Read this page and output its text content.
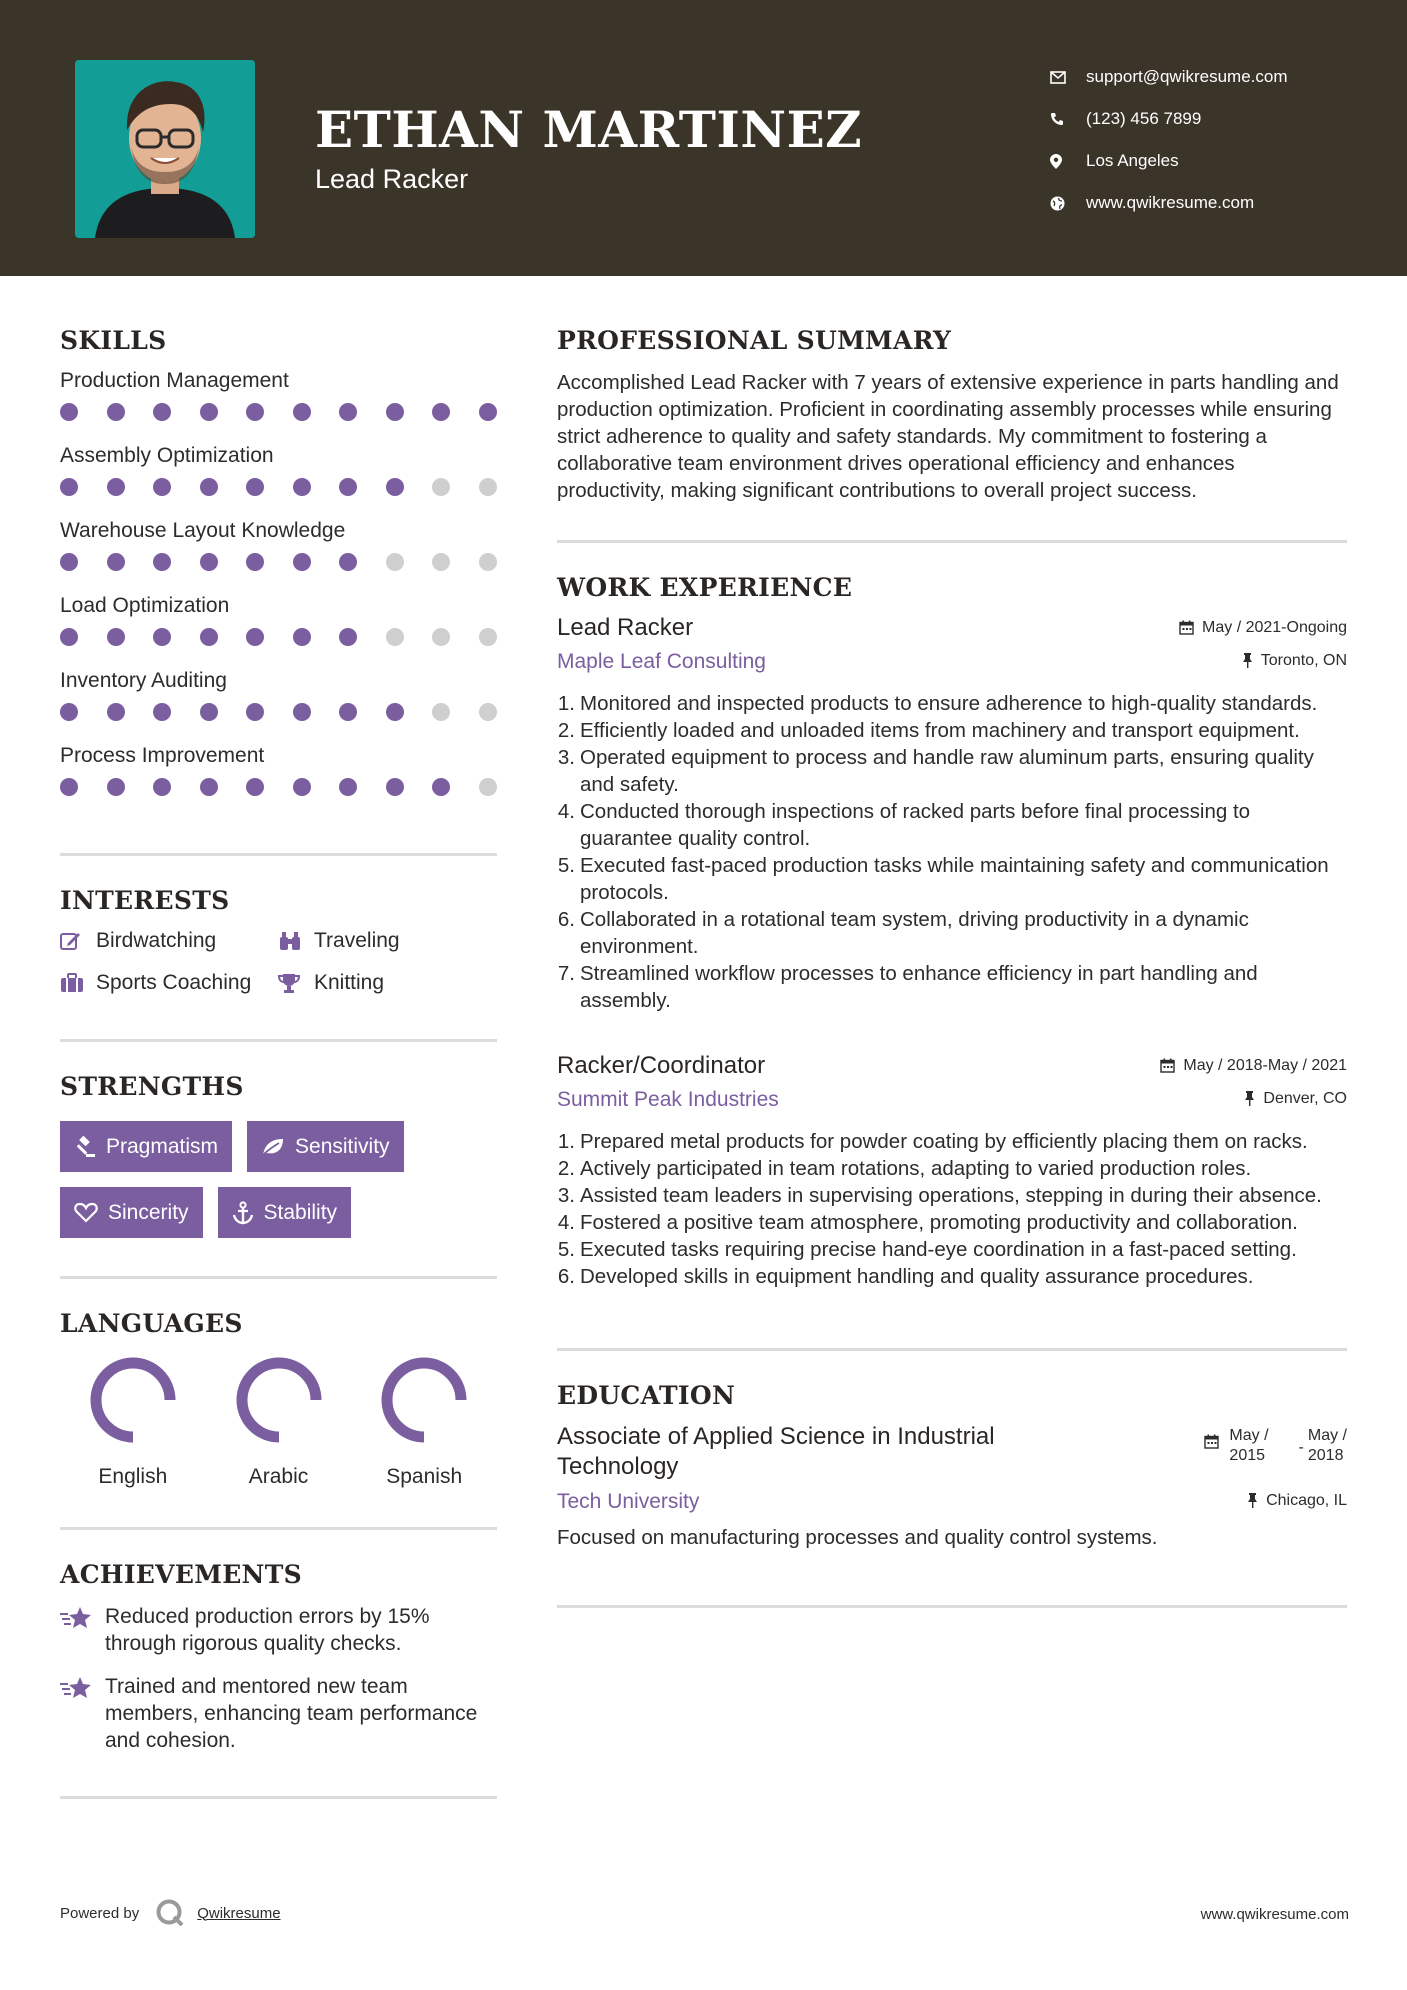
ETHAN MARTINEZ
Lead Racker
support@qwikresume.com
(123) 456 7899
Los Angeles
www.qwikresume.com
SKILLS
Production Management
Assembly Optimization
Warehouse Layout Knowledge
Load Optimization
Inventory Auditing
Process Improvement
INTERESTS
Birdwatching	Traveling
Sports Coaching	Knitting
STRENGTHS
Pragmatism	Sensitivity
Sincerity	Stability
LANGUAGES
English	Arabic	Spanish
ACHIEVEMENTS
Reduced production errors by 15% through rigorous quality checks.
Trained and mentored new team members, enhancing team performance and cohesion.
PROFESSIONAL SUMMARY
Accomplished Lead Racker with 7 years of extensive experience in parts handling and production optimization. Proficient in coordinating assembly processes while ensuring strict adherence to quality and safety standards. My commitment to fostering a collaborative team environment drives operational efficiency and enhances productivity, making significant contributions to overall project success.
WORK EXPERIENCE
Lead Racker	May / 2021-Ongoing
Maple Leaf Consulting	Toronto, ON
1. Monitored and inspected products to ensure adherence to high-quality standards.
2. Efficiently loaded and unloaded items from machinery and transport equipment.
3. Operated equipment to process and handle raw aluminum parts, ensuring quality and safety.
4. Conducted thorough inspections of racked parts before final processing to guarantee quality control.
5. Executed fast-paced production tasks while maintaining safety and communication protocols.
6. Collaborated in a rotational team system, driving productivity in a dynamic environment.
7. Streamlined workflow processes to enhance efficiency in part handling and assembly.
Racker/Coordinator	May / 2018-May / 2021
Summit Peak Industries	Denver, CO
1. Prepared metal products for powder coating by efficiently placing them on racks.
2. Actively participated in team rotations, adapting to varied production roles.
3. Assisted team leaders in supervising operations, stepping in during their absence.
4. Fostered a positive team atmosphere, promoting productivity and collaboration.
5. Executed tasks requiring precise hand-eye coordination in a fast-paced setting.
6. Developed skills in equipment handling and quality assurance procedures.
EDUCATION
Associate of Applied Science in Industrial Technology
May /
2015 -
May /
2018
Tech University	Chicago, IL
Focused on manufacturing processes and quality control systems.
Powered by	Qwikresume	www.qwikresume.com
